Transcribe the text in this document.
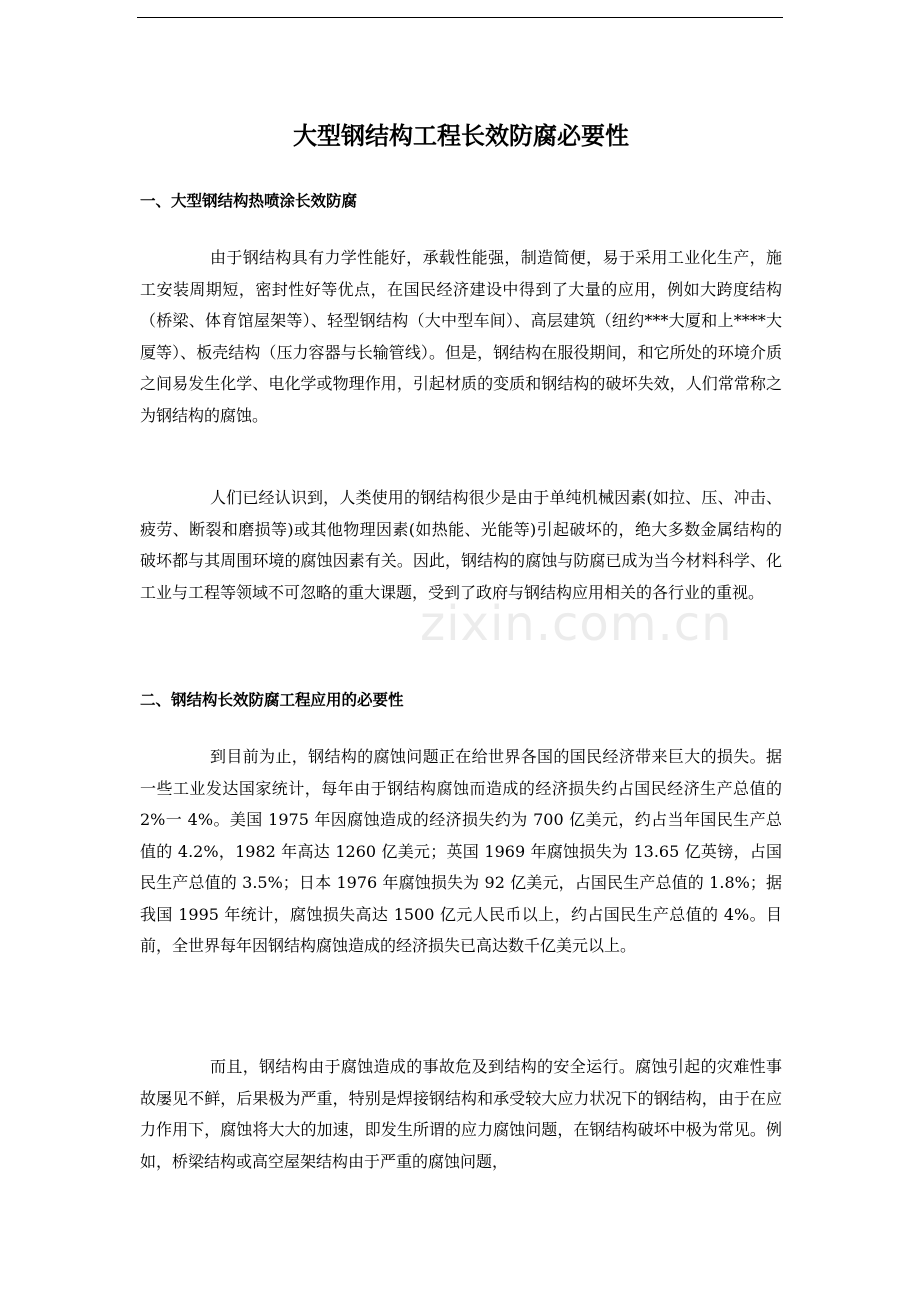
大型钢结构工程长效防腐必要性
一、大型钢结构热喷涂长效防腐

由于钢结构具有力学性能好，承载性能强，制造简便，易于采用工业化生产，施工安装周期短，密封性好等优点，在国民经济建设中得到了大量的应用，例如大跨度结构（桥梁、体育馆屋架等）、轻型钢结构（大中型车间）、高层建筑（纽约***大厦和上****大厦等）、板壳结构（压力容器与长输管线）。但是，钢结构在服役期间，和它所处的环境介质之间易发生化学、电化学或物理作用，引起材质的变质和钢结构的破坏失效，人们常常称之为钢结构的腐蚀。

人们已经认识到，人类使用的钢结构很少是由于单纯机械因素(如拉、压、冲击、疲劳、断裂和磨损等)或其他物理因素(如热能、光能等)引起破坏的，绝大多数金属结构的破坏都与其周围环境的腐蚀因素有关。因此，钢结构的腐蚀与防腐已成为当今材料科学、化工业与工程等领域不可忽略的重大课题，受到了政府与钢结构应用相关的各行业的重视。

二、钢结构长效防腐工程应用的必要性

到目前为止，钢结构的腐蚀问题正在给世界各国的国民经济带来巨大的损失。据一些工业发达国家统计，每年由于钢结构腐蚀而造成的经济损失约占国民经济生产总值的 2%一 4%。美国 1975 年因腐蚀造成的经济损失约为 700 亿美元，约占当年国民生产总值的 4.2%，1982 年高达 1260 亿美元；英国 1969 年腐蚀损失为 13.65 亿英镑，占国民生产总值的 3.5%；日本 1976 年腐蚀损失为 92 亿美元，占国民生产总值的 1.8%；据我国 1995 年统计，腐蚀损失高达 1500 亿元人民币以上，约占国民生产总值的 4%。目前，全世界每年因钢结构腐蚀造成的经济损失已高达数千亿美元以上。

而且，钢结构由于腐蚀造成的事故危及到结构的安全运行。腐蚀引起的灾难性事故屡见不鲜，后果极为严重，特别是焊接钢结构和承受较大应力状况下的钢结构，由于在应力作用下，腐蚀将大大的加速，即发生所谓的应力腐蚀问题，在钢结构破坏中极为常见。例如，桥梁结构或高空屋架结构由于严重的腐蚀问题，

zixin.com.cn
